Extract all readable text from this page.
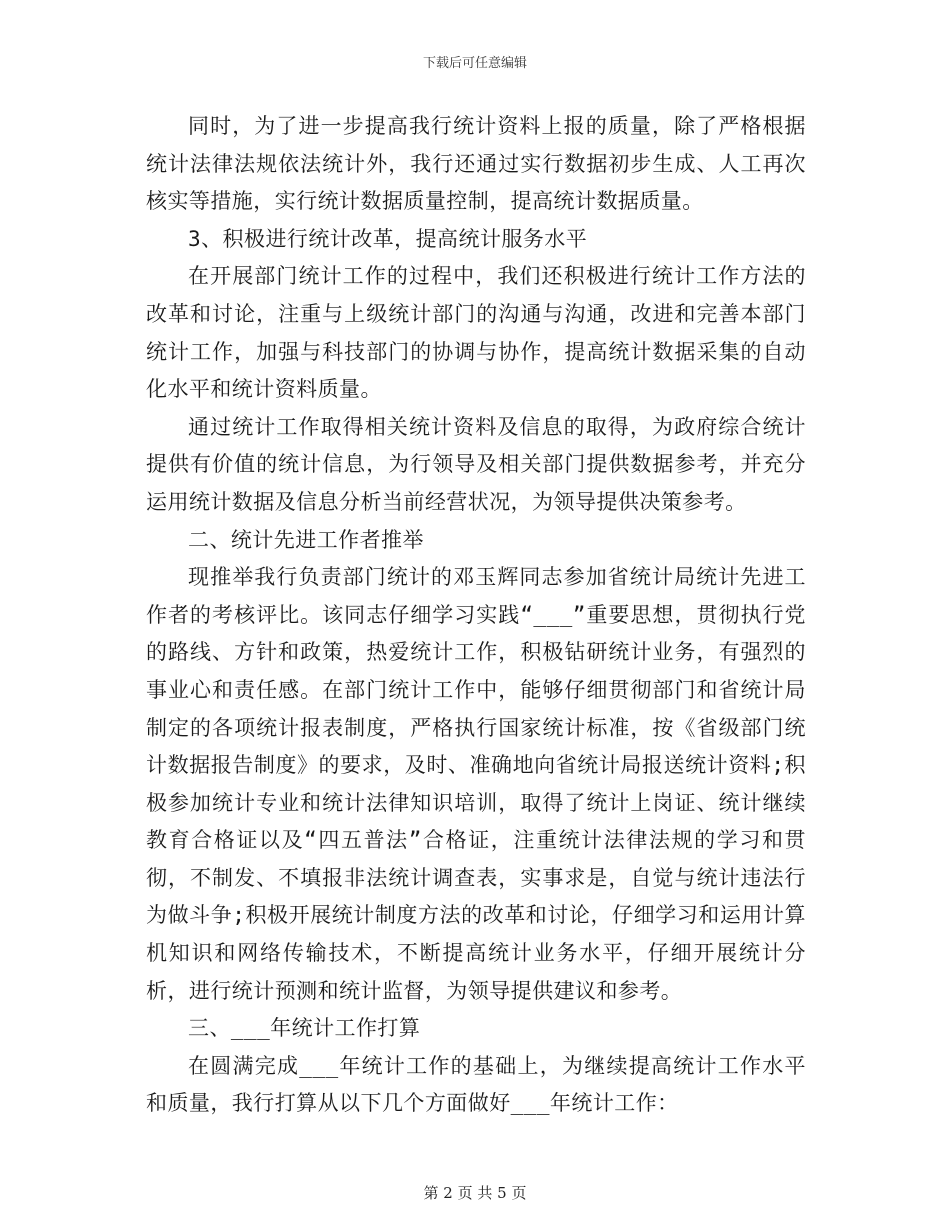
下载后可任意编辑

同时，为了进一步提高我行统计资料上报的质量，除了严格根据统计法律法规依法统计外，我行还通过实行数据初步生成、人工再次核实等措施，实行统计数据质量控制，提高统计数据质量。

3、积极进行统计改革，提高统计服务水平

在开展部门统计工作的过程中，我们还积极进行统计工作方法的改革和讨论，注重与上级统计部门的沟通与沟通，改进和完善本部门统计工作，加强与科技部门的协调与协作，提高统计数据采集的自动化水平和统计资料质量。

通过统计工作取得相关统计资料及信息的取得，为政府综合统计提供有价值的统计信息，为行领导及相关部门提供数据参考，并充分运用统计数据及信息分析当前经营状况，为领导提供决策参考。

二、统计先进工作者推举

现推举我行负责部门统计的邓玉辉同志参加省统计局统计先进工作者的考核评比。该同志仔细学习实践“___”重要思想，贯彻执行党的路线、方针和政策，热爱统计工作，积极钻研统计业务，有强烈的事业心和责任感。在部门统计工作中，能够仔细贯彻部门和省统计局制定的各项统计报表制度，严格执行国家统计标准，按《省级部门统计数据报告制度》的要求，及时、准确地向省统计局报送统计资料;积极参加统计专业和统计法律知识培训，取得了统计上岗证、统计继续教育合格证以及“四五普法”合格证，注重统计法律法规的学习和贯彻，不制发、不填报非法统计调查表，实事求是，自觉与统计违法行为做斗争;积极开展统计制度方法的改革和讨论，仔细学习和运用计算机知识和网络传输技术，不断提高统计业务水平，仔细开展统计分析，进行统计预测和统计监督，为领导提供建议和参考。

三、___年统计工作打算

在圆满完成___年统计工作的基础上，为继续提高统计工作水平和质量，我行打算从以下几个方面做好___年统计工作：

第 2 页 共 5 页
